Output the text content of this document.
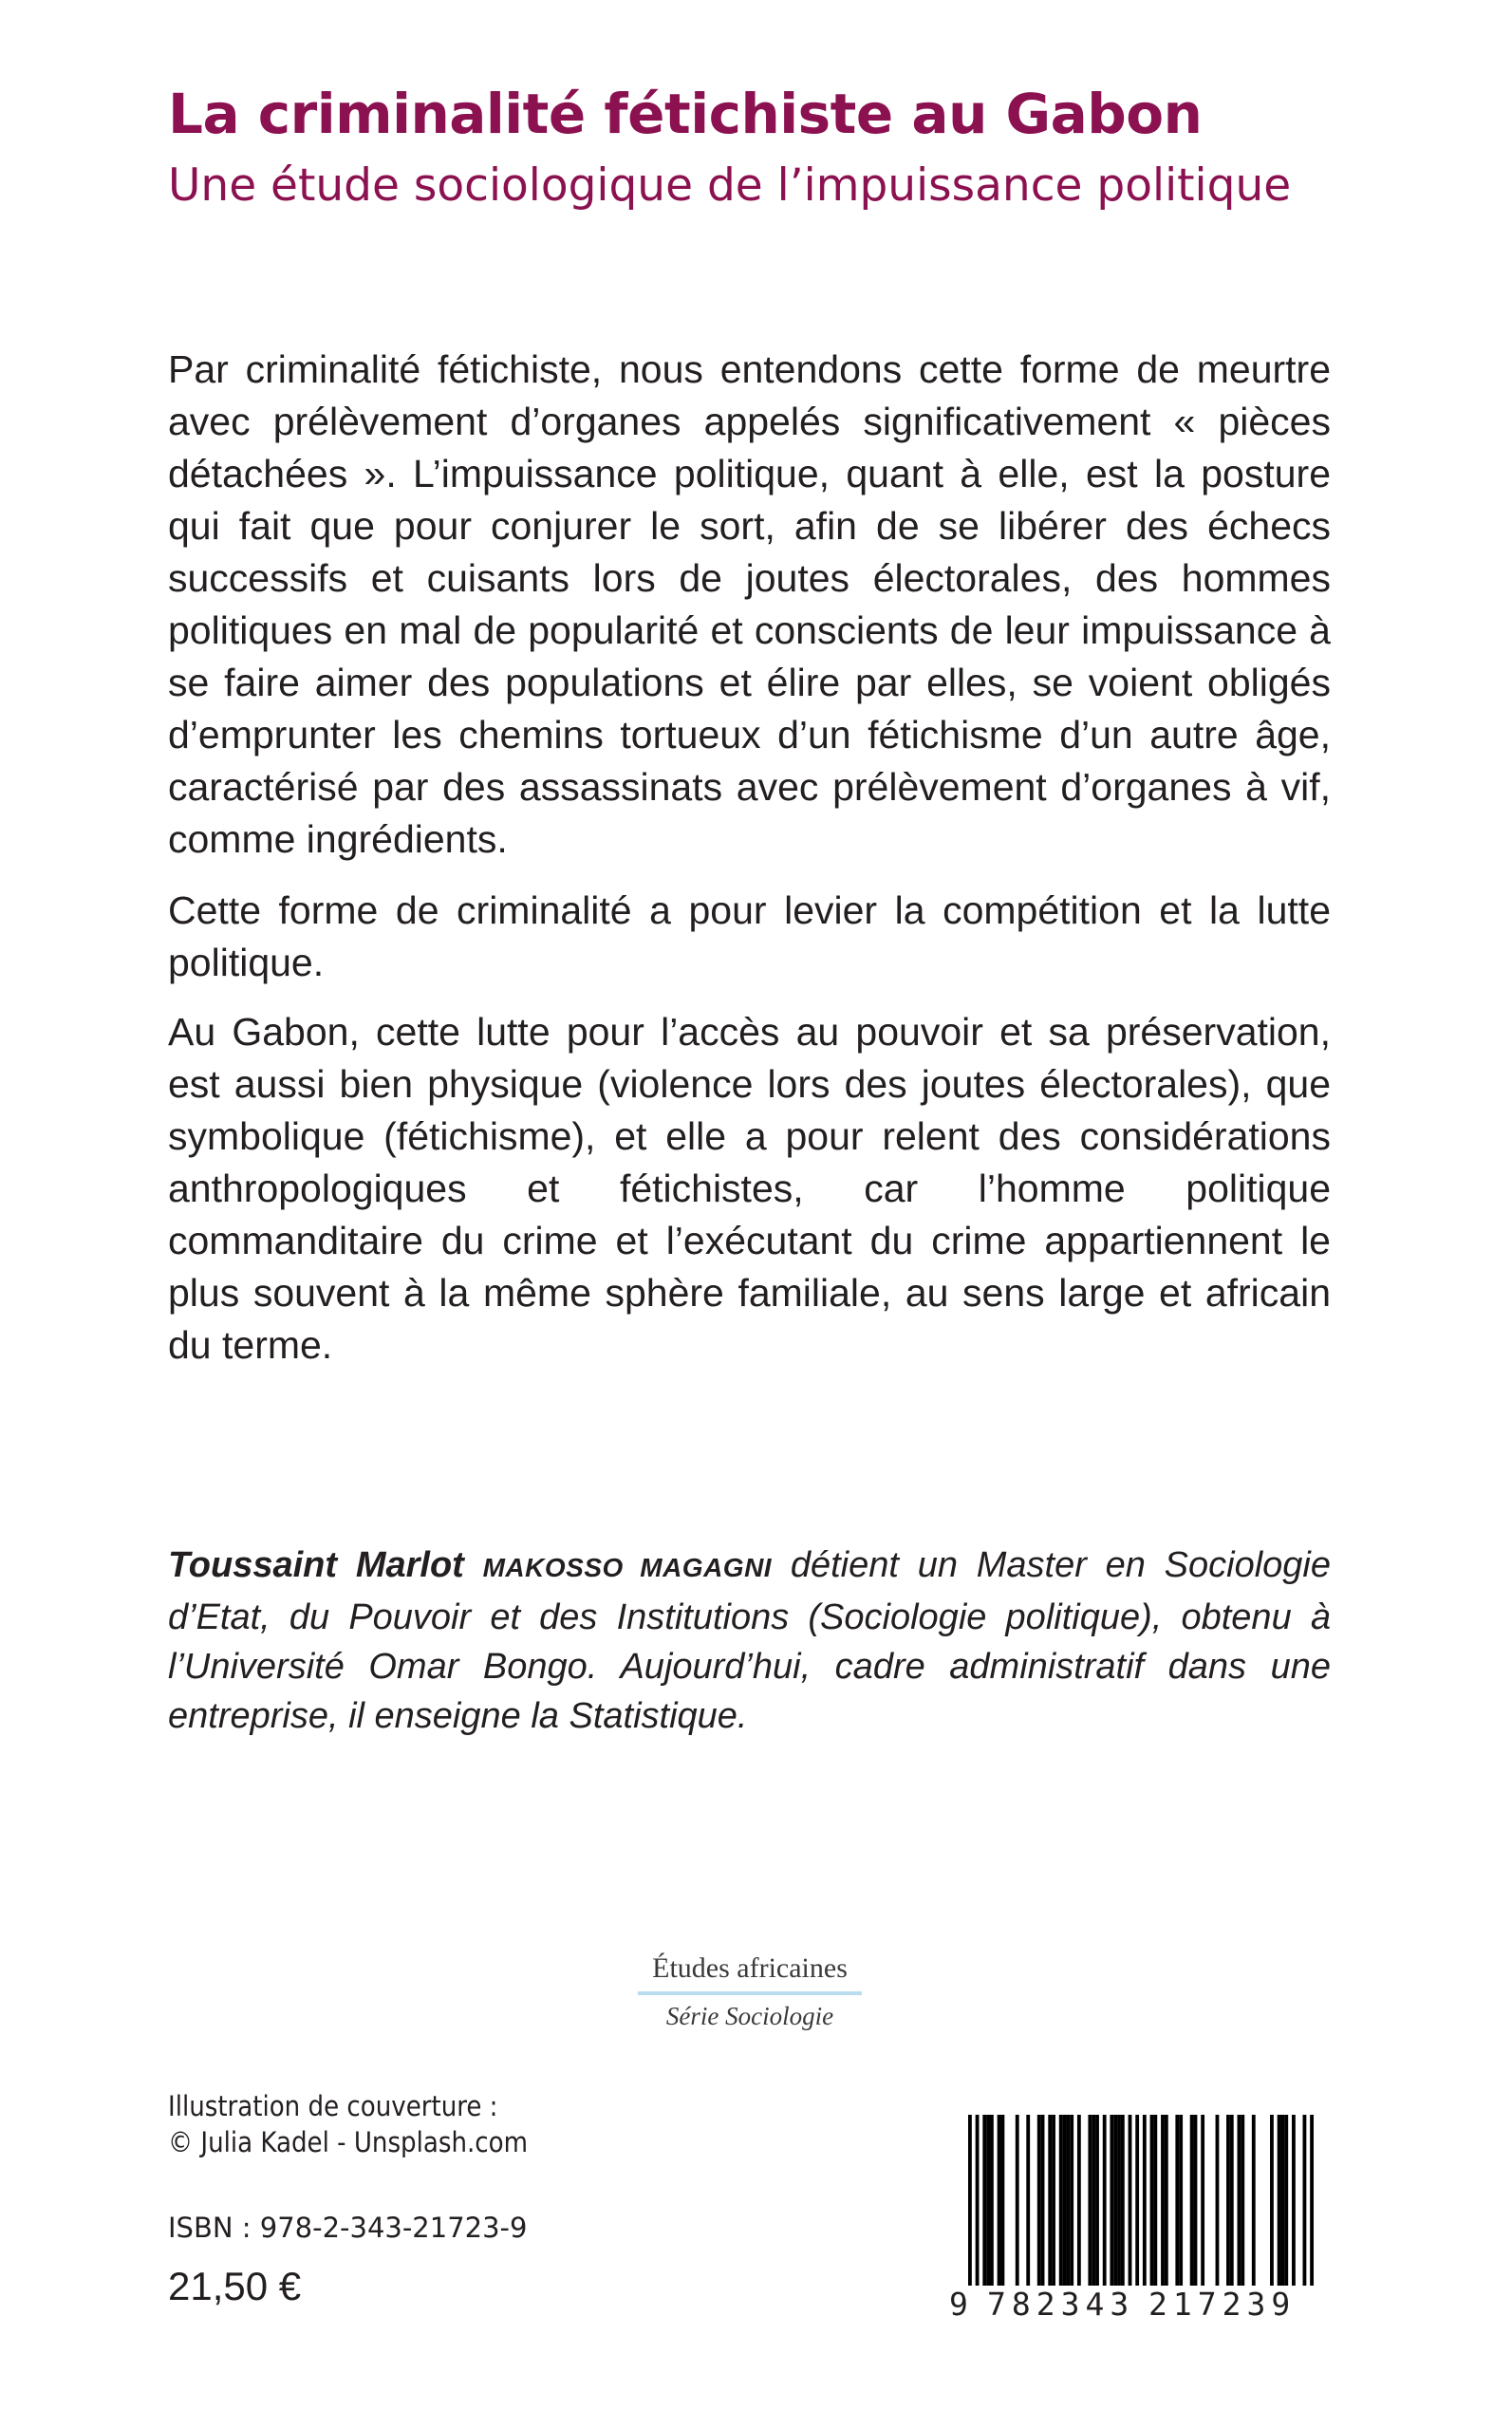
La criminalité fétichiste au Gabon
Une étude sociologique de l’impuissance politique

Par criminalité fétichiste, nous entendons cette forme de meurtre avec prélèvement d’organes appelés significativement « pièces détachées ». L’impuissance politique, quant à elle, est la posture qui fait que pour conjurer le sort, afin de se libérer des échecs successifs et cuisants lors de joutes électorales, des hommes politiques en mal de popularité et conscients de leur impuissance à se faire aimer des populations et élire par elles, se voient obligés d’emprunter les chemins tortueux d’un fétichisme d’un autre âge, caractérisé par des assassinats avec prélèvement d’organes à vif, comme ingrédients.

Cette forme de criminalité a pour levier la compétition et la lutte politique.

Au Gabon, cette lutte pour l’accès au pouvoir et sa préservation, est aussi bien physique (violence lors des joutes électorales), que symbolique (fétichisme), et elle a pour relent des considérations anthropologiques et fétichistes, car l’homme politique commanditaire du crime et l’exécutant du crime appartiennent le plus souvent à la même sphère familiale, au sens large et africain du terme.

Toussaint Marlot MAKOSSO MAGAGNI détient un Master en Sociologie d’Etat, du Pouvoir et des Institutions (Sociologie politique), obtenu à l’Université Omar Bongo. Aujourd’hui, cadre administratif dans une entreprise, il enseigne la Statistique.

Études africaines
Série Sociologie
Illustration de couverture :
© Julia Kadel - Unsplash.com
ISBN : 978-2-343-21723-9
21,50 €	9 782343 217239
